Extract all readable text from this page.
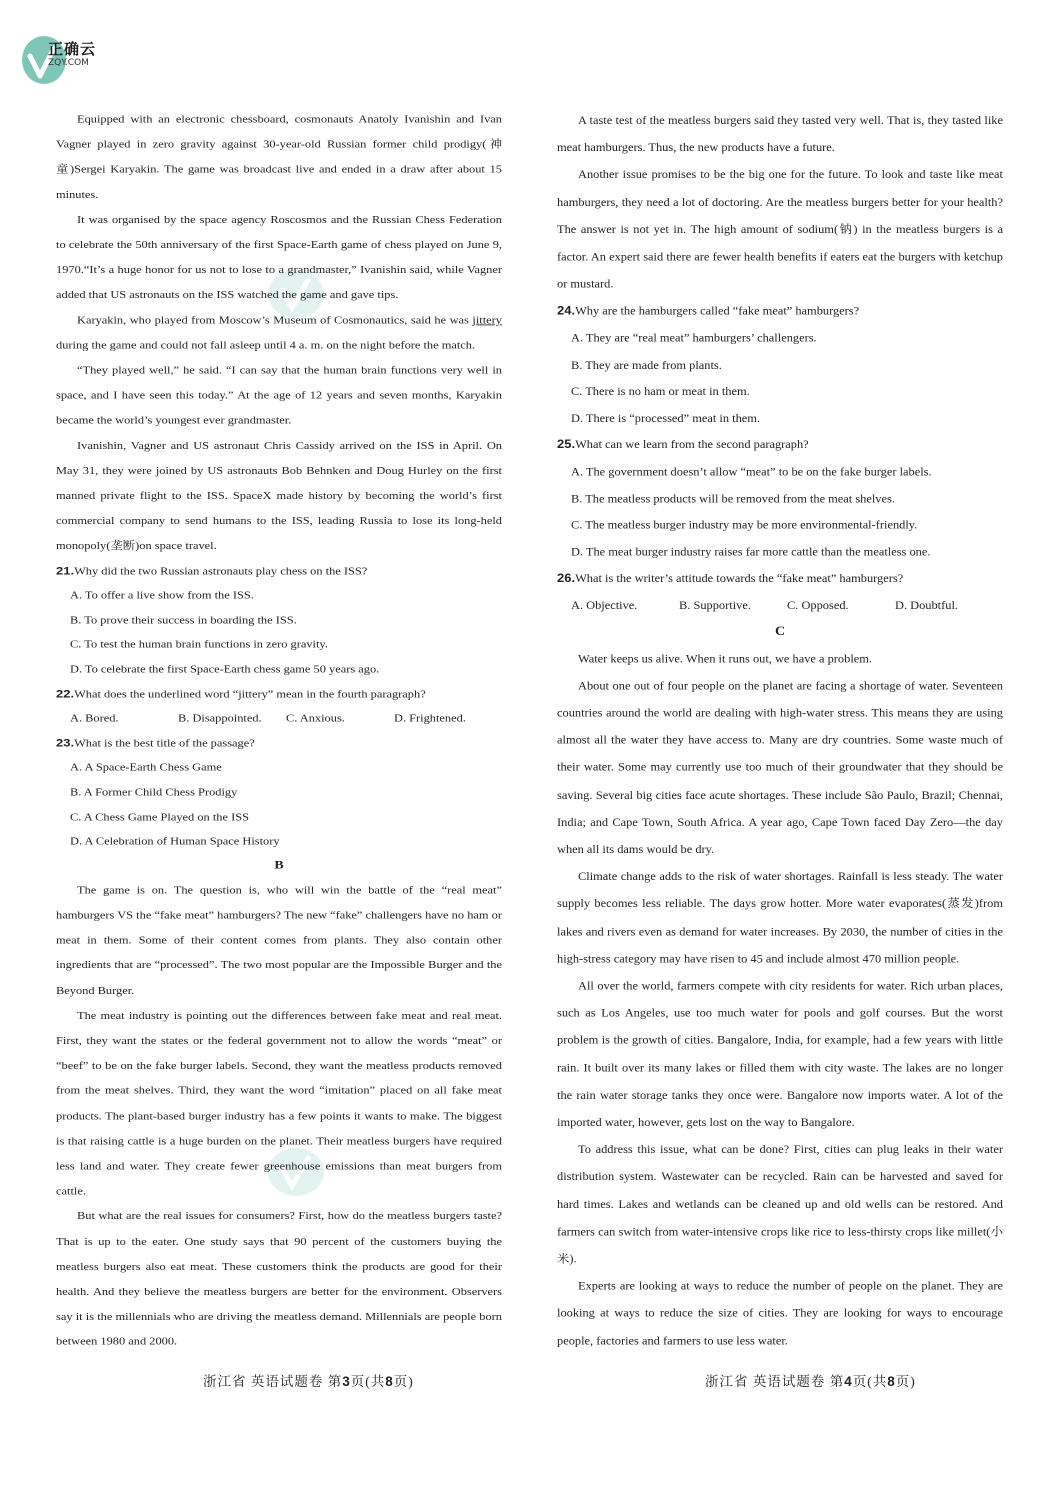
正确云
ZQY.COM

Equipped with an electronic chessboard, cosmonauts Anatoly Ivanishin and Ivan Vagner played in zero gravity against 30-year-old Russian former child prodigy(神童)Sergei Karyakin. The game was broadcast live and ended in a draw after about 15 minutes.

It was organised by the space agency Roscosmos and the Russian Chess Federation to celebrate the 50th anniversary of the first Space-Earth game of chess played on June 9, 1970.“It’s a huge honor for us not to lose to a grandmaster,” Ivanishin said, while Vagner added that US astronauts on the ISS watched the game and gave tips.

Karyakin, who played from Moscow’s Museum of Cosmonautics, said he was jittery during the game and could not fall asleep until 4 a. m. on the night before the match.

“They played well,” he said. “I can say that the human brain functions very well in space, and I have seen this today.” At the age of 12 years and seven months, Karyakin became the world’s youngest ever grandmaster.

Ivanishin, Vagner and US astronaut Chris Cassidy arrived on the ISS in April. On May 31, they were joined by US astronauts Bob Behnken and Doug Hurley on the first manned private flight to the ISS. SpaceX made history by becoming the world’s first commercial company to send humans to the ISS, leading Russia to lose its long-held monopoly(垄断)on space travel.

21.Why did the two Russian astronauts play chess on the ISS?

A. To offer a live show from the ISS.

B. To prove their success in boarding the ISS.

C. To test the human brain functions in zero gravity.

D. To celebrate the first Space-Earth chess game 50 years ago.

22.What does the underlined word “jittery” mean in the fourth paragraph?

A. Bored.	B. Disappointed.	C. Anxious.	D. Frightened.

23.What is the best title of the passage?

A. A Space-Earth Chess Game

B. A Former Child Chess Prodigy

C. A Chess Game Played on the ISS

D. A Celebration of Human Space History

B

The game is on. The question is, who will win the battle of the “real meat” hamburgers VS the “fake meat” hamburgers? The new “fake” challengers have no ham or meat in them. Some of their content comes from plants. They also contain other ingredients that are “processed”. The two most popular are the Impossible Burger and the Beyond Burger.

The meat industry is pointing out the differences between fake meat and real meat. First, they want the states or the federal government not to allow the words “meat” or “beef” to be on the fake burger labels. Second, they want the meatless products removed from the meat shelves. Third, they want the word “imitation” placed on all fake meat products. The plant-based burger industry has a few points it wants to make. The biggest is that raising cattle is a huge burden on the planet. Their meatless burgers have required less land and water. They create fewer greenhouse emissions than meat burgers from cattle.

But what are the real issues for consumers? First, how do the meatless burgers taste? That is up to the eater. One study says that 90 percent of the customers buying the meatless burgers also eat meat. These customers think the products are good for their health. And they believe the meatless burgers are better for the environment. Observers say it is the millennials who are driving the meatless demand. Millennials are people born between 1980 and 2000.

A taste test of the meatless burgers said they tasted very well. That is, they tasted like meat hamburgers. Thus, the new products have a future.

Another issue promises to be the big one for the future. To look and taste like meat hamburgers, they need a lot of doctoring. Are the meatless burgers better for your health? The answer is not yet in. The high amount of sodium(钠) in the meatless burgers is a factor. An expert said there are fewer health benefits if eaters eat the burgers with ketchup or mustard.

24.Why are the hamburgers called “fake meat” hamburgers?

A. They are “real meat” hamburgers’ challengers.

B. They are made from plants.

C. There is no ham or meat in them.

D. There is “processed” meat in them.

25.What can we learn from the second paragraph?

A. The government doesn’t allow “meat” to be on the fake burger labels.

B. The meatless products will be removed from the meat shelves.

C. The meatless burger industry may be more environmental-friendly.

D. The meat burger industry raises far more cattle than the meatless one.

26.What is the writer’s attitude towards the “fake meat” hamburgers?

A. Objective.	B. Supportive.	C. Opposed.	D. Doubtful.

C

Water keeps us alive. When it runs out, we have a problem.

About one out of four people on the planet are facing a shortage of water. Seventeen countries around the world are dealing with high-water stress. This means they are using almost all the water they have access to. Many are dry countries. Some waste much of their water. Some may currently use too much of their groundwater that they should be saving. Several big cities face acute shortages. These include São Paulo, Brazil; Chennai, India; and Cape Town, South Africa. A year ago, Cape Town faced Day Zero—the day when all its dams would be dry.

Climate change adds to the risk of water shortages. Rainfall is less steady. The water supply becomes less reliable. The days grow hotter. More water evaporates(蒸发)from lakes and rivers even as demand for water increases. By 2030, the number of cities in the high-stress category may have risen to 45 and include almost 470 million people.

All over the world, farmers compete with city residents for water. Rich urban places, such as Los Angeles, use too much water for pools and golf courses. But the worst problem is the growth of cities. Bangalore, India, for example, had a few years with little rain. It built over its many lakes or filled them with city waste. The lakes are no longer the rain water storage tanks they once were. Bangalore now imports water. A lot of the imported water, however, gets lost on the way to Bangalore.

To address this issue, what can be done? First, cities can plug leaks in their water distribution system. Wastewater can be recycled. Rain can be harvested and saved for hard times. Lakes and wetlands can be cleaned up and old wells can be restored. And farmers can switch from water-intensive crops like rice to less-thirsty crops like millet(小米).

Experts are looking at ways to reduce the number of people on the planet. They are looking at ways to reduce the size of cities. They are looking for ways to encourage people, factories and farmers to use less water.

浙江省 英语试题卷 第3页(共8页)	浙江省 英语试题卷 第4页(共8页)
